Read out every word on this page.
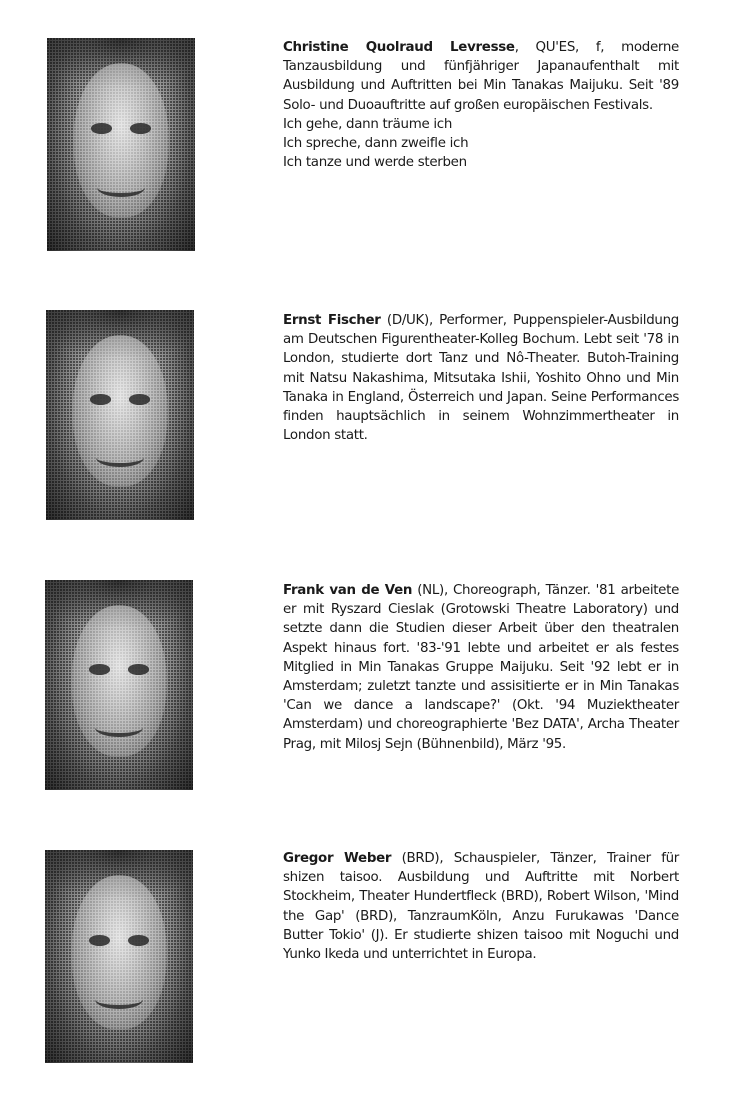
Christine Quolraud Levresse, QU'ES, f, moderne Tanzausbildung und fünfjähriger Japanaufenthalt mit Ausbildung und Auftritten bei Min Tanakas Maijuku. Seit '89 Solo- und Duoauftritte auf großen europäischen Festivals.
Ich gehe, dann träume ich
Ich spreche, dann zweifle ich
Ich tanze und werde sterben
Ernst Fischer (D/UK), Performer, Puppenspieler-Ausbildung am Deutschen Figurentheater-Kolleg Bochum. Lebt seit '78 in London, studierte dort Tanz und Nô-Theater. Butoh-Training mit Natsu Nakashima, Mitsutaka Ishii, Yoshito Ohno und Min Tanaka in England, Österreich und Japan. Seine Performances finden hauptsächlich in seinem Wohnzimmertheater in London statt.
Frank van de Ven (NL), Choreograph, Tänzer. '81 arbeitete er mit Ryszard Cieslak (Grotowski Theatre Laboratory) und setzte dann die Studien dieser Arbeit über den theatralen Aspekt hinaus fort. '83-'91 lebte und arbeitet er als festes Mitglied in Min Tanakas Gruppe Maijuku. Seit '92 lebt er in Amsterdam; zuletzt tanzte und assisitierte er in Min Tanakas 'Can we dance a landscape?' (Okt. '94 Muziektheater Amsterdam) und choreographierte 'Bez DATA', Archa Theater Prag, mit Milosj Sejn (Bühnenbild), März '95.
Gregor Weber (BRD), Schauspieler, Tänzer, Trainer für shizen taisoo. Ausbildung und Auftritte mit Norbert Stockheim, Theater Hundertfleck (BRD), Robert Wilson, 'Mind the Gap' (BRD), TanzraumKöln, Anzu Furukawas 'Dance Butter Tokio' (J). Er studierte shizen taisoo mit Noguchi und Yunko Ikeda und unterrichtet in Europa.
